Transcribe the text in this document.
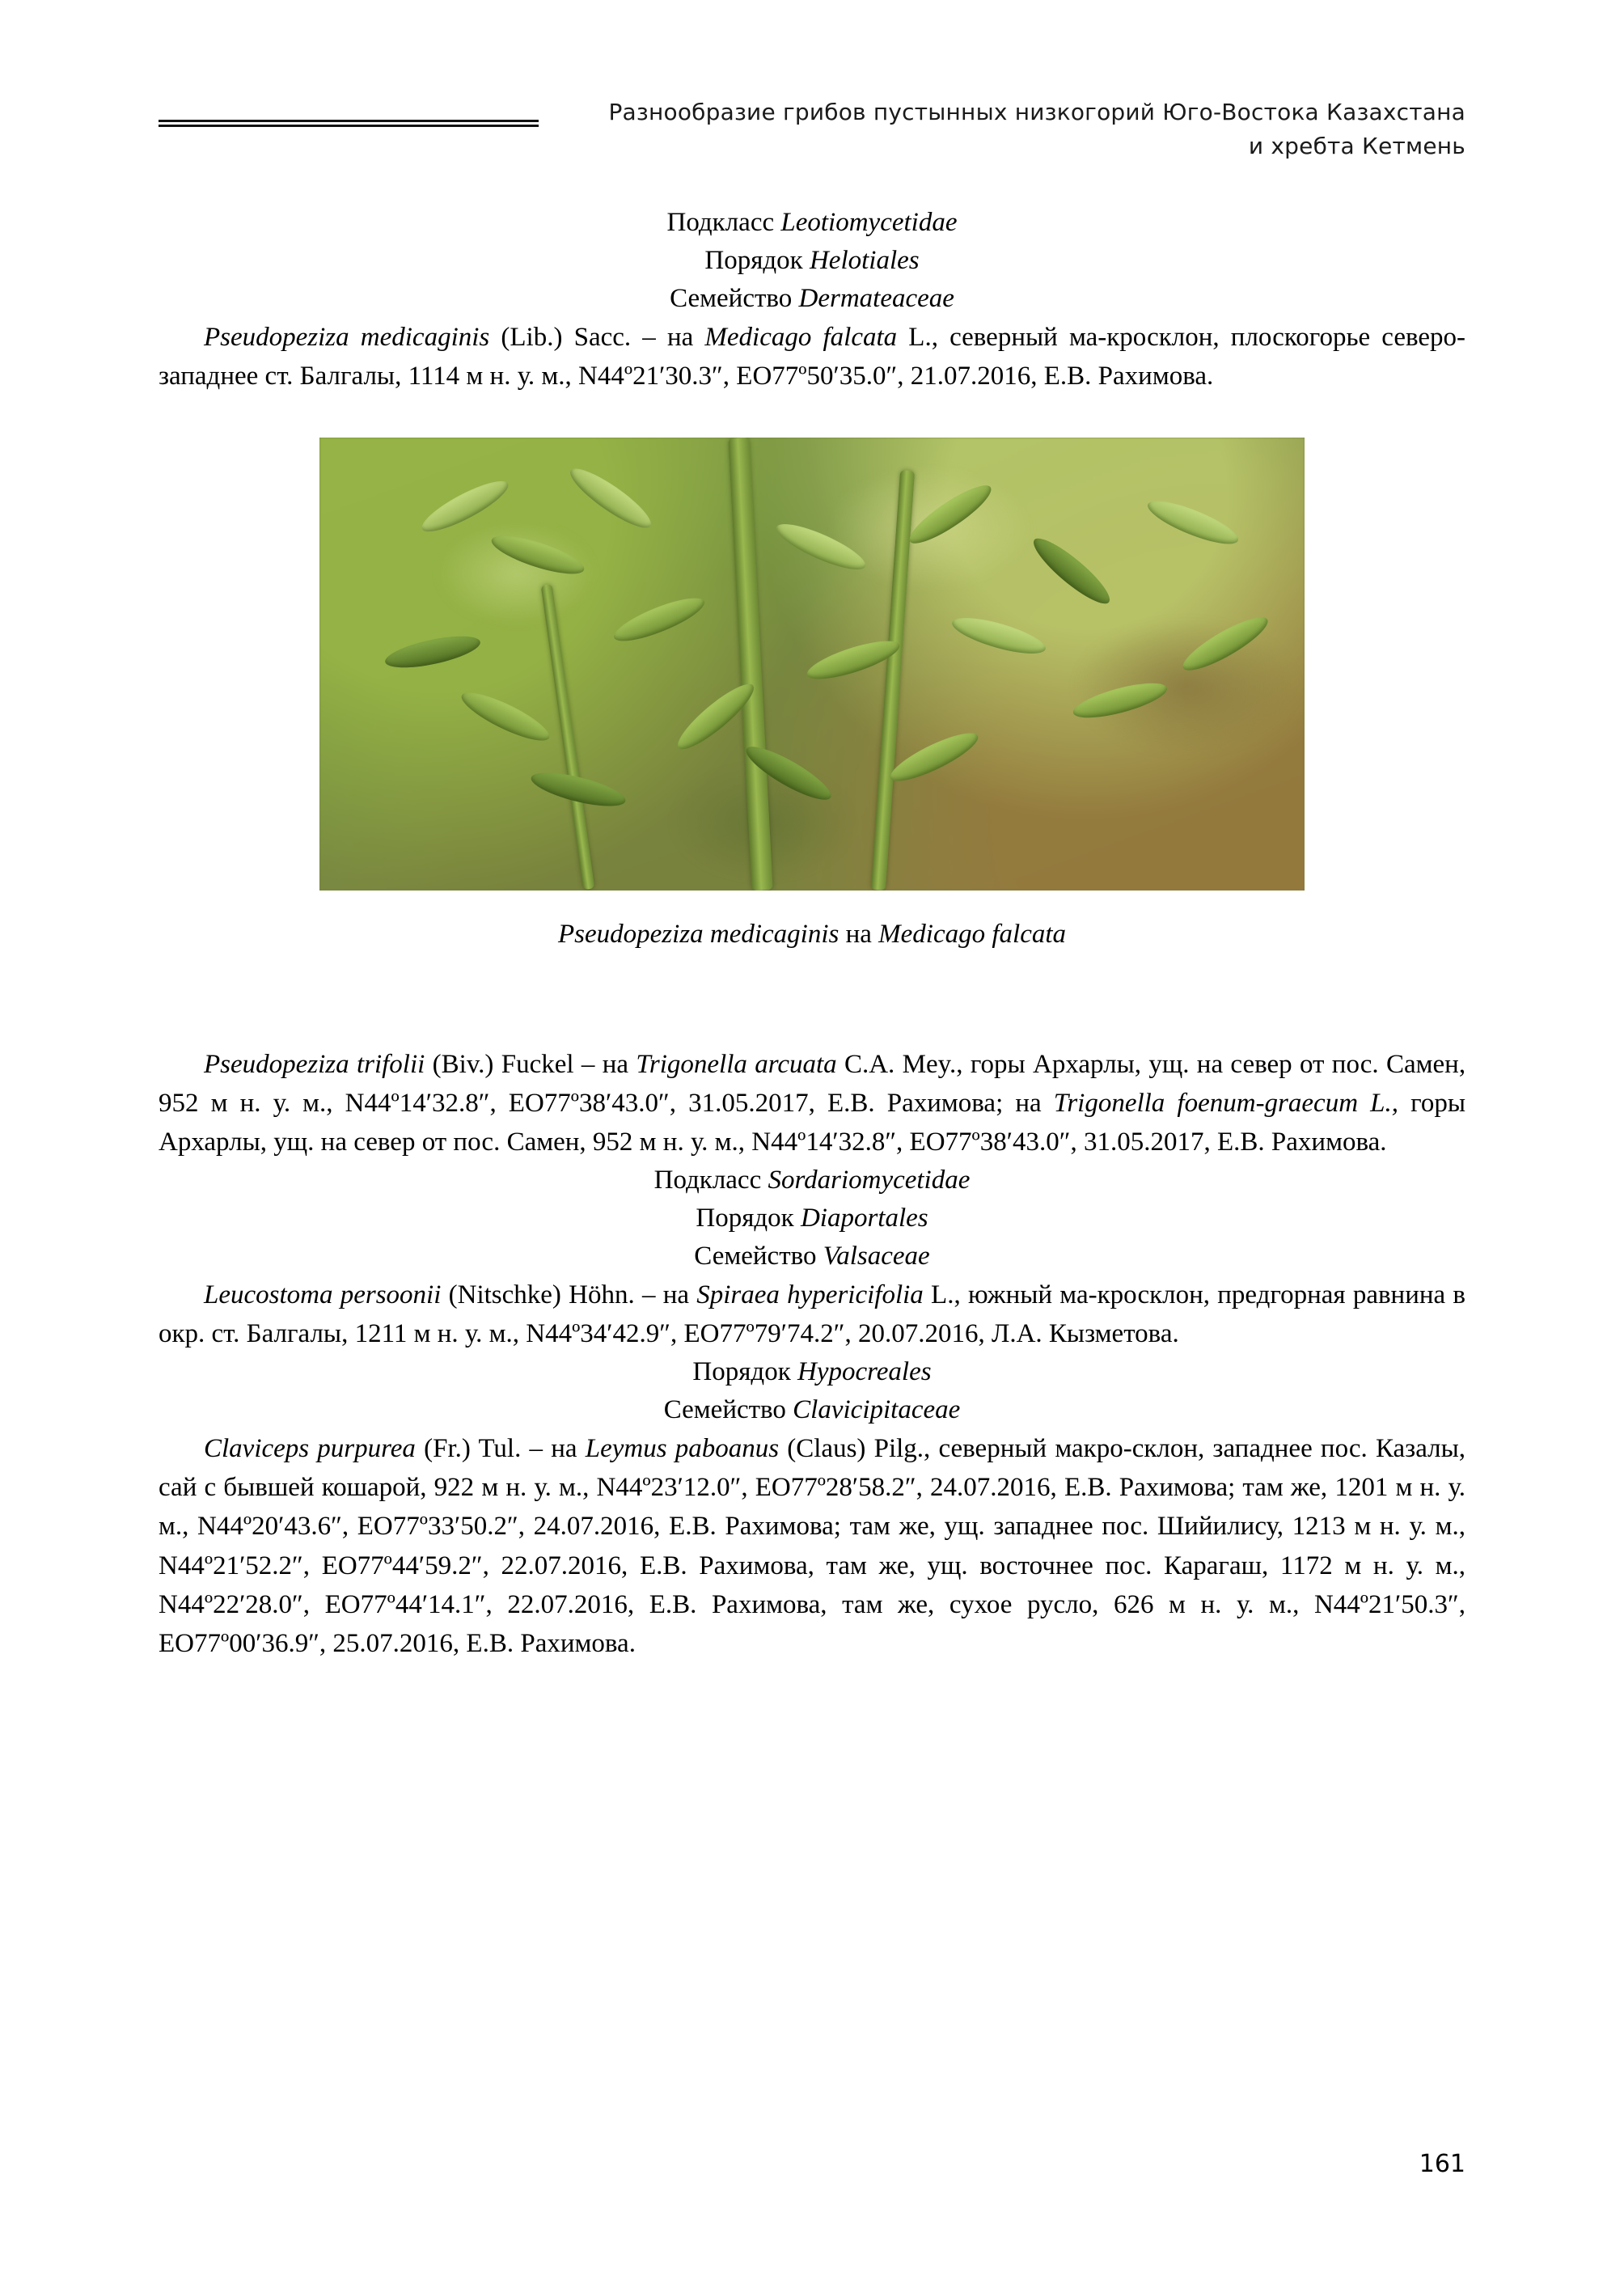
Разнообразие грибов пустынных низкогорий Юго-Востока Казахстана
и хребта Кетмень
Подкласс Leotiomycetidae
Порядок Helotiales
Семейство Dermateaceae

Pseudopeziza medicaginis (Lib.) Sacc. – на Medicago falcata L., северный ма-кросклон, плоскогорье северо-западнее ст. Балгалы, 1114 м н. у. м., N44º21′30.3″, ЕО77º50′35.0″, 21.07.2016, Е.В. Рахимова.

Pseudopeziza medicaginis на Medicago falcata

Pseudopeziza trifolii (Biv.) Fuckel – на Trigonella arcuata C.A. Mey., горы Архарлы, ущ. на север от пос. Самен, 952 м н. у. м., N44º14′32.8″, ЕО77º38′43.0″, 31.05.2017, Е.В. Рахимова; на Trigonella foenum-graecum L., горы Архарлы, ущ. на север от пос. Самен, 952 м н. у. м., N44º14′32.8″, ЕО77º38′43.0″, 31.05.2017, Е.В. Рахимова.

Подкласс Sordariomycetidae
Порядок Diaportales
Семейство Valsaceae

Leucostoma persoonii (Nitschke) Höhn. – на Spiraea hypericifolia L., южный ма-кросклон, предгорная равнина в окр. ст. Балгалы, 1211 м н. у. м., N44º34′42.9″, ЕО77º79′74.2″, 20.07.2016, Л.А. Кызметова.

Порядок Hypocreales
Семейство Clavicipitaceae

Claviceps purpurea (Fr.) Tul. – на Leymus paboanus (Claus) Pilg., северный макро-склон, западнее пос. Казалы, сай с бывшей кошарой, 922 м н. у. м., N44º23′12.0″, ЕО77º28′58.2″, 24.07.2016, Е.В. Рахимова; там же, 1201 м н. у. м., N44º20′43.6″, ЕО77º33′50.2″, 24.07.2016, Е.В. Рахимова; там же, ущ. западнее пос. Шийилису, 1213 м н. у. м., N44º21′52.2″, ЕО77º44′59.2″, 22.07.2016, Е.В. Рахимова, там же, ущ. восточнее пос. Карагаш, 1172 м н. у. м., N44º22′28.0″, ЕО77º44′14.1″, 22.07.2016, Е.В. Рахимова, там же, сухое русло, 626 м н. у. м., N44º21′50.3″, ЕО77º00′36.9″, 25.07.2016, Е.В. Рахимова.

161
